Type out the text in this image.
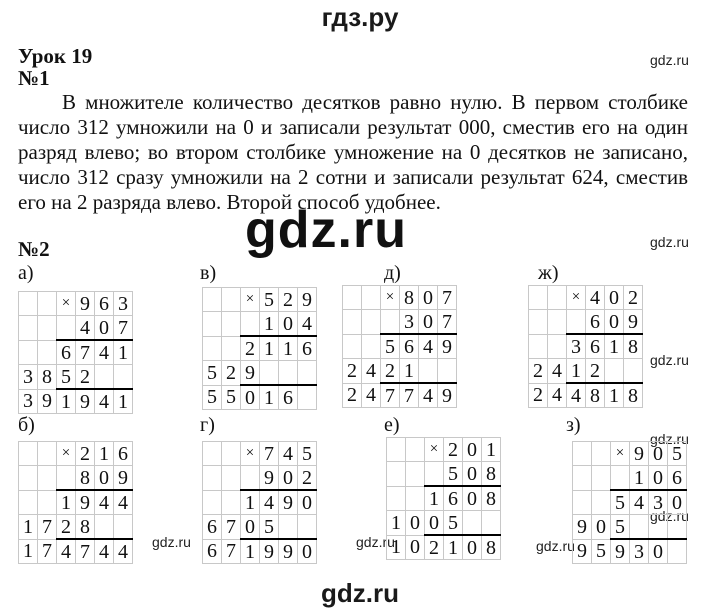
гдз.ру
Урок 19
№1
В множителе количество десятков равно нулю. В первом столбике число 312 умножили на 0 и записали результат 000, сместив его на один разряд влево; во втором столбике умножение на 0 десятков не записано, число 312 сразу умножили на 2 сотни и записали результат 624, сместив его на 2 разряда влево. Второй способ удобнее.
gdz.ru
№2
gdz.ru
gdz.ru
gdz.ru
gdz.ru
gdz.ru
gdz.ru	gdz.ru	gdz.ru
а)
		×	9	6	3
			4	0	7
		6	7	4	1
3	8	5	2		
3	9	1	9	4	1
в)
		×	5	2	9
			1	0	4
		2	1	1	6
5	2	9			
5	5	0	1	6	
д)
		×	8	0	7
			3	0	7
		5	6	4	9
2	4	2	1		
2	4	7	7	4	9
ж)
		×	4	0	2
			6	0	9
		3	6	1	8
2	4	1	2		
2	4	4	8	1	8
б)
		×	2	1	6
			8	0	9
		1	9	4	4
1	7	2	8		
1	7	4	7	4	4
г)
		×	7	4	5
			9	0	2
		1	4	9	0
6	7	0	5		
6	7	1	9	9	0
е)
		×	2	0	1
			5	0	8
		1	6	0	8
1	0	0	5		
1	0	2	1	0	8
з)
		×	9	0	5
			1	0	6
		5	4	3	0
9	0	5			
9	5	9	3	0	
gdz.ru
